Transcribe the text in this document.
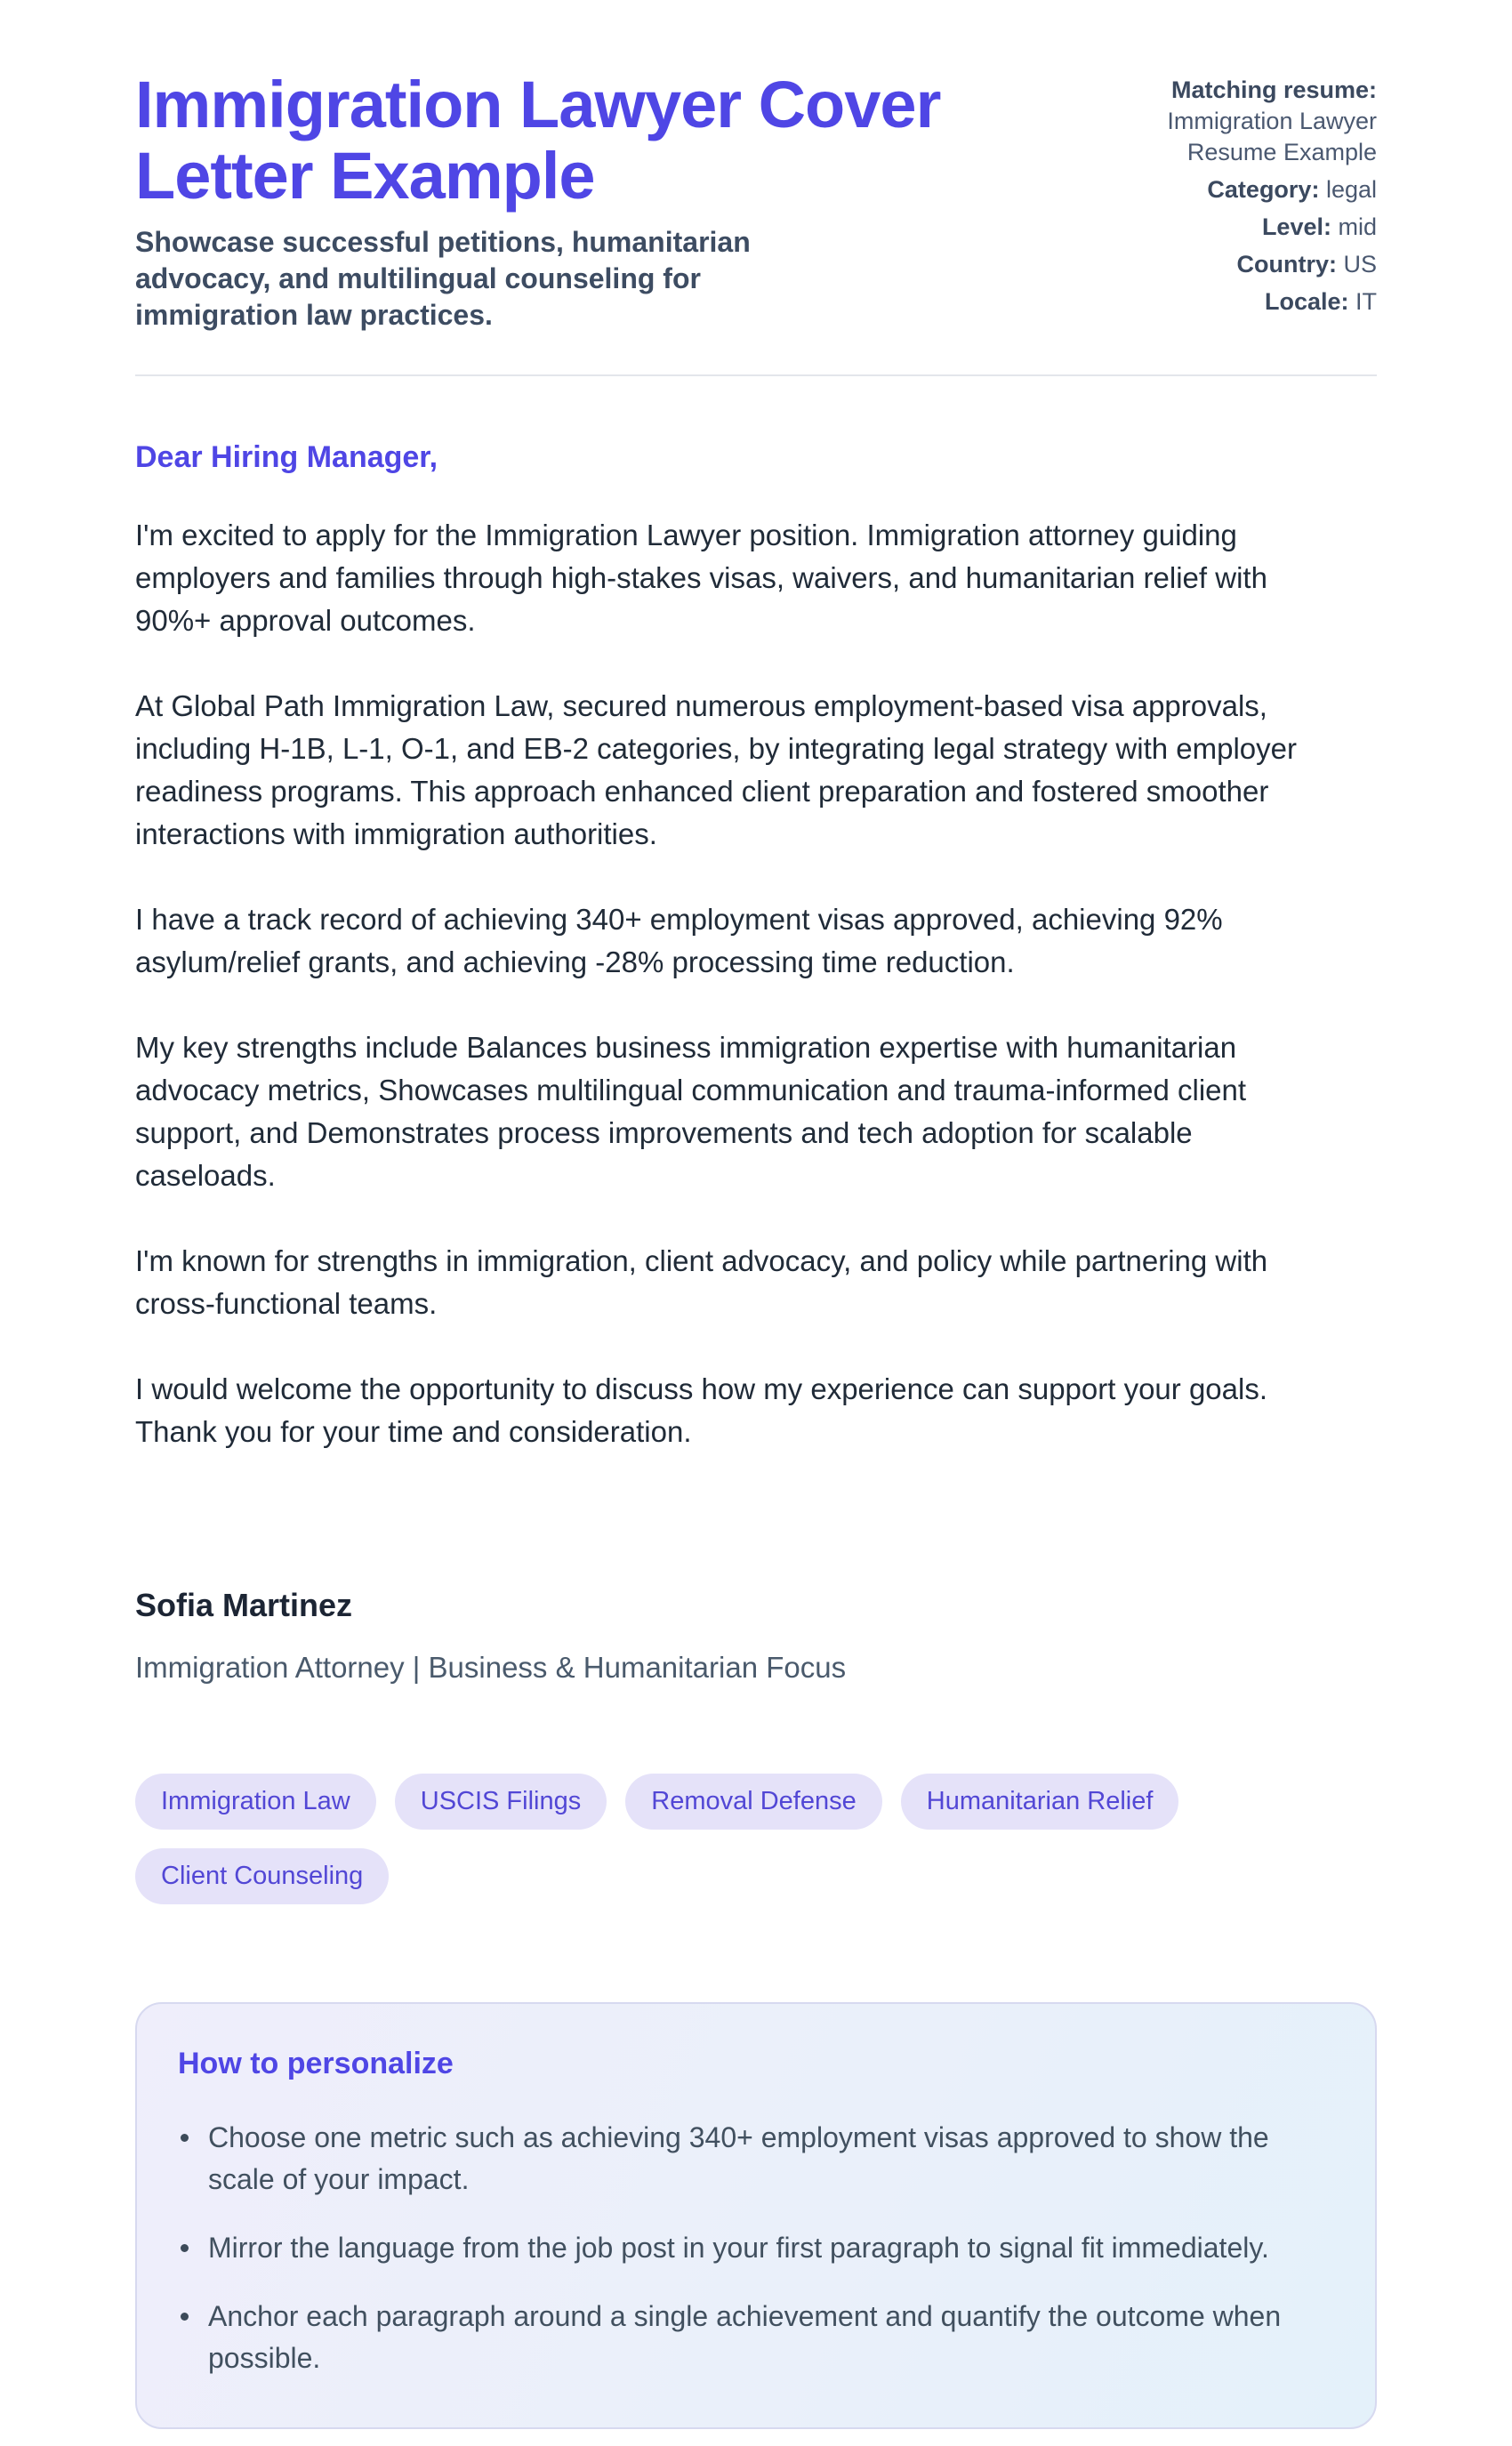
Immigration Lawyer Cover Letter Example

Showcase successful petitions, humanitarian advocacy, and multilingual counseling for immigration law practices.

Matching resume:
Immigration Lawyer Resume Example
Category: legal
Level: mid
Country: US
Locale: IT

Dear Hiring Manager,

I'm excited to apply for the Immigration Lawyer position. Immigration attorney guiding employers and families through high-stakes visas, waivers, and humanitarian relief with 90%+ approval outcomes.

At Global Path Immigration Law, secured numerous employment-based visa approvals, including H-1B, L-1, O-1, and EB-2 categories, by integrating legal strategy with employer readiness programs. This approach enhanced client preparation and fostered smoother interactions with immigration authorities.

I have a track record of achieving 340+ employment visas approved, achieving 92% asylum/relief grants, and achieving -28% processing time reduction.

My key strengths include Balances business immigration expertise with humanitarian advocacy metrics, Showcases multilingual communication and trauma-informed client support, and Demonstrates process improvements and tech adoption for scalable caseloads.

I'm known for strengths in immigration, client advocacy, and policy while partnering with cross-functional teams.

I would welcome the opportunity to discuss how my experience can support your goals. Thank you for your time and consideration.

Sofia Martinez

Immigration Attorney | Business & Humanitarian Focus

Immigration Law	USCIS Filings	Removal Defense	Humanitarian Relief
Client Counseling

How to personalize

Choose one metric such as achieving 340+ employment visas approved to show the scale of your impact.
Mirror the language from the job post in your first paragraph to signal fit immediately.
Anchor each paragraph around a single achievement and quantify the outcome when possible.
